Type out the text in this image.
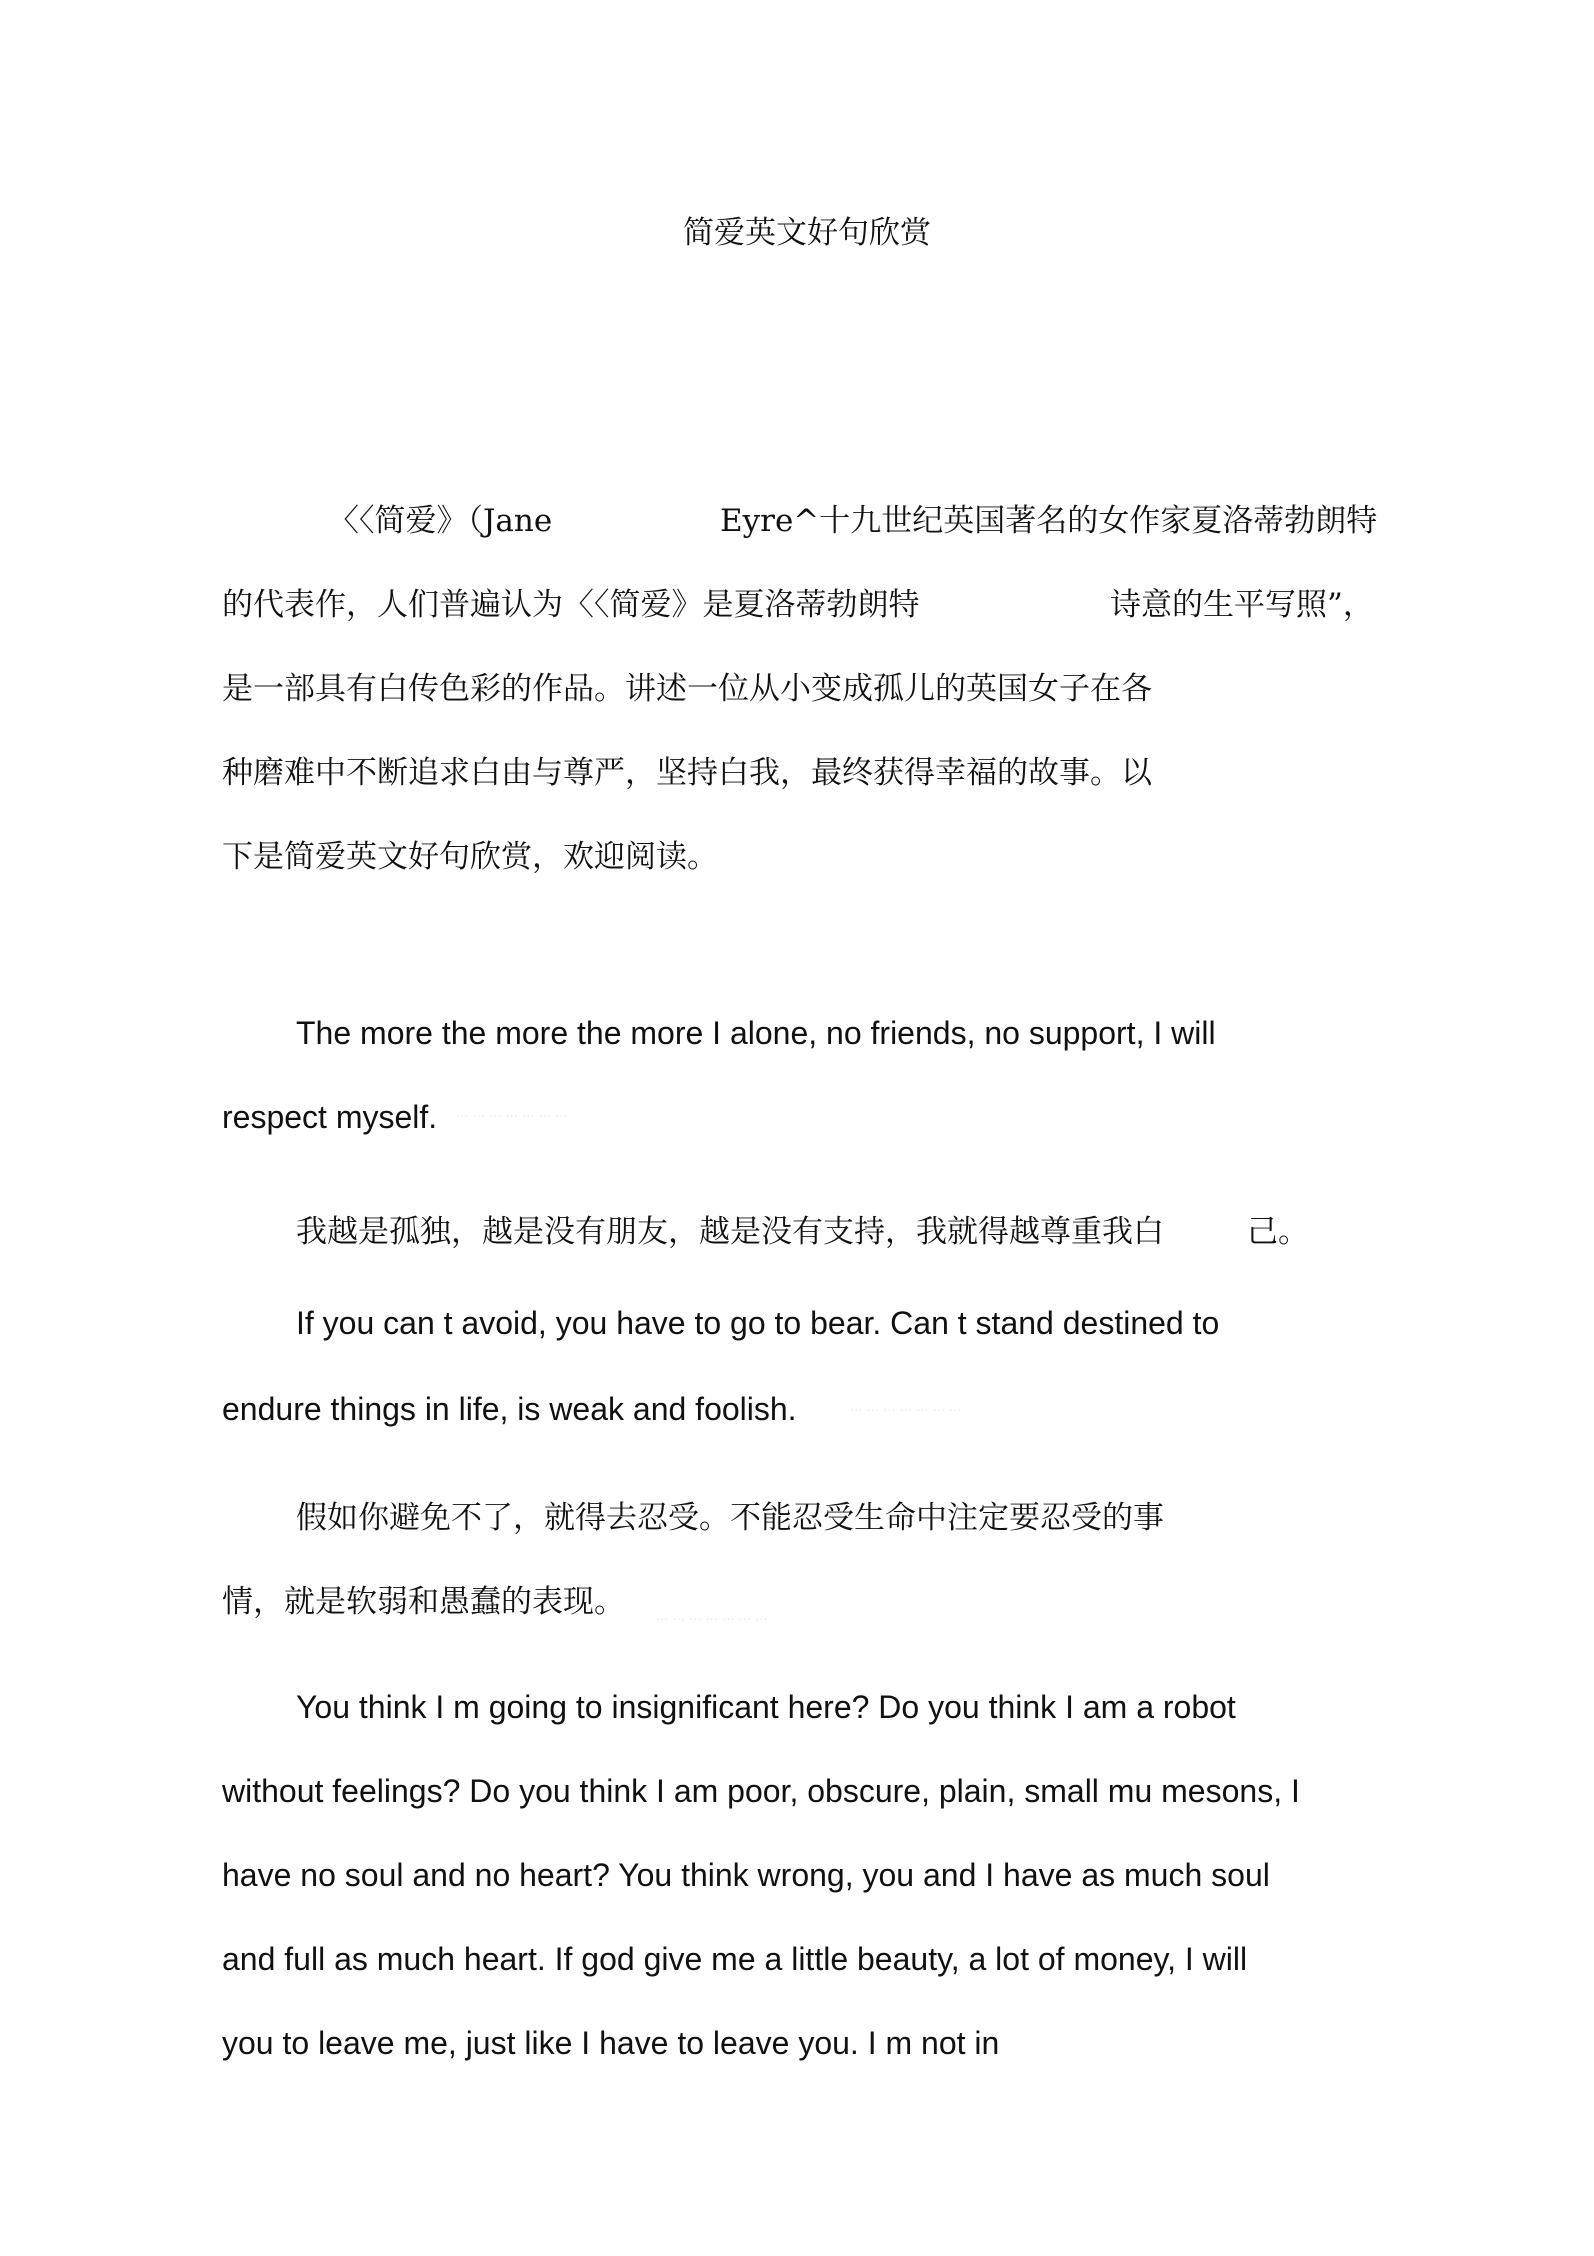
简爱英文好句欣赏
〈〈简爱》（Jane	Eyre^十九世纪英国著名的女作家夏洛蒂勃朗特
的代表作，人们普遍认为〈〈简爱》是夏洛蒂勃朗特	诗意的生平写照”，
是一部具有白传色彩的作品。讲述一位从小变成孤儿的英国女子在各
种磨难中不断追求白由与尊严，坚持白我，最终获得幸福的故事。以
下是简爱英文好句欣赏，欢迎阅读。
The more the more the more I alone, no friends, no support, I will
respect myself. ··· ··· ··· ··· ··· ··· ···
我越是孤独，越是没有朋友，越是没有支持，我就得越尊重我白	己。
If you can t avoid, you have to go to bear. Can t stand destined to
endure things in life, is weak and foolish.	··· ··· ··· ··· ··· ··· ···
假如你避免不了，就得去忍受。不能忍受生命中注定要忍受的事
情，就是软弱和愚蠢的表现。
··· ··· ··· ··· ··· ··· ···
You think I m going to insignificant here? Do you think I am a robot
without feelings? Do you think I am poor, obscure, plain, small mu mesons, I
have no soul and no heart? You think wrong, you and I have as much soul
and full as much heart. If god give me a little beauty, a lot of money, I will
you to leave me, just like I have to leave you. I m not in
